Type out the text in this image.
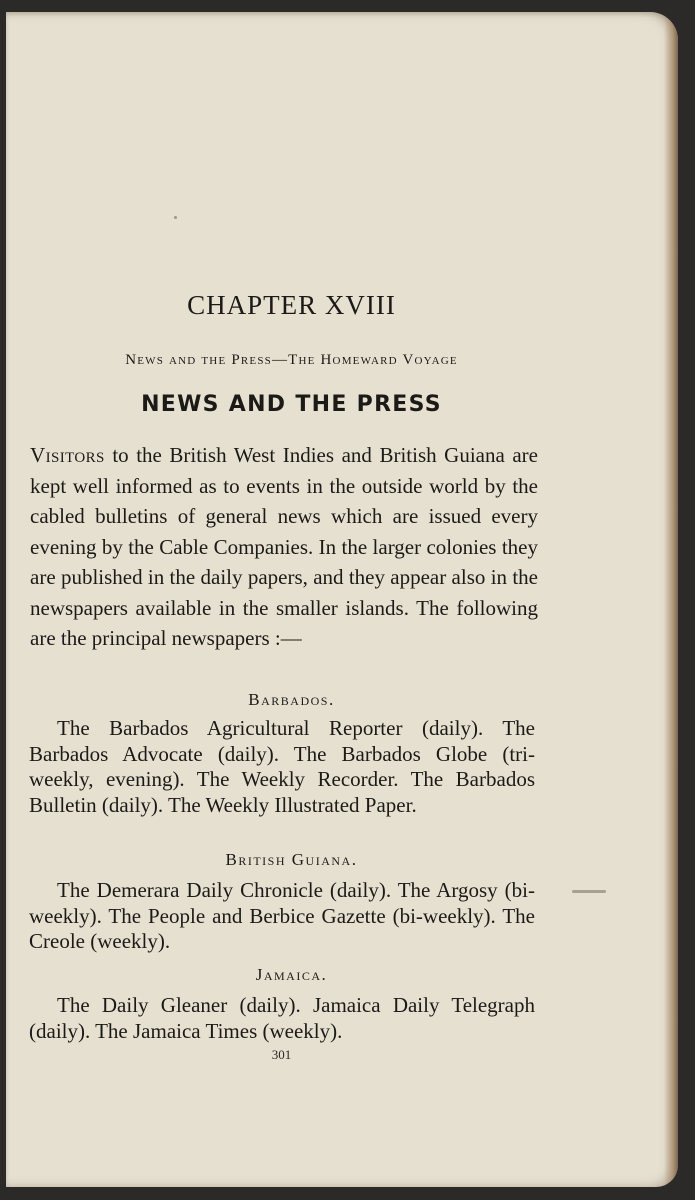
CHAPTER XVIII
News and the Press—The Homeward Voyage
NEWS AND THE PRESS
Visitors to the British West Indies and British Guiana are kept well informed as to events in the outside world by the cabled bulletins of general news which are issued every evening by the Cable Companies. In the larger colonies they are published in the daily papers, and they appear also in the newspapers available in the smaller islands. The following are the principal newspapers :—
Barbados.
The Barbados Agricultural Reporter (daily). The Barbados Advocate (daily). The Barbados Globe (tri-weekly, evening). The Weekly Recorder. The Barbados Bulletin (daily). The Weekly Illustrated Paper.
British Guiana.
The Demerara Daily Chronicle (daily). The Argosy (bi-weekly). The People and Berbice Gazette (bi-weekly). The Creole (weekly).
Jamaica.
The Daily Gleaner (daily). Jamaica Daily Telegraph (daily). The Jamaica Times (weekly).
301
